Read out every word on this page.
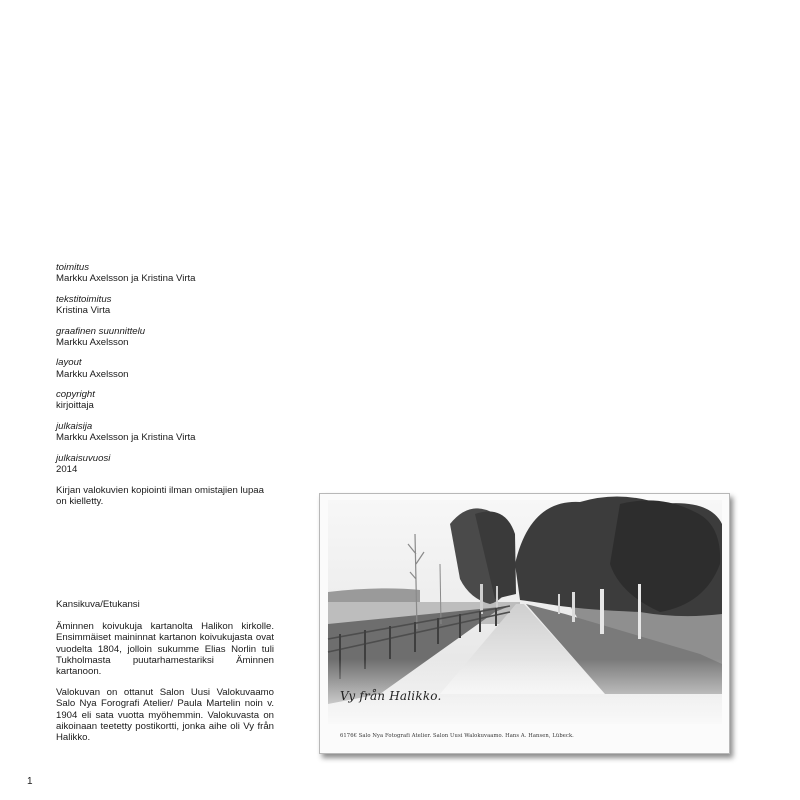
toimitus
Markku Axelsson ja Kristina Virta
tekstitoimitus
Kristina Virta
graafinen suunnittelu
Markku Axelsson
layout
Markku Axelsson
copyright
kirjoittaja
julkaisija
Markku Axelsson ja Kristina Virta
julkaisuvuosi
2014
Kirjan valokuvien kopiointi ilman omistajien lupaa on kielletty.
Kansikuva/Etukansi
Äminnen koivukuja kartanolta Halikon kirkolle. Ensimmäiset maininnat kartanon koivukujasta ovat vuodelta 1804, jolloin sukumme Elias Norlin tuli Tukholmasta puutarhamestariksi Äminnen kartanoon.
Valokuvan on ottanut Salon Uusi Valokuvaamo Salo Nya Forografi Atelier/ Paula Martelin noin v. 1904 eli sata vuotta myöhemmin. Valokuvasta on aikoinaan teetetty postikortti, jonka aihe oli Vy från Halikko.
Vy från Halikko.
6176€ Salo Nya Fotografi Atelier. Salon Uusi Walokuvaamo. Hans A. Hansen, Lübeck.
1
